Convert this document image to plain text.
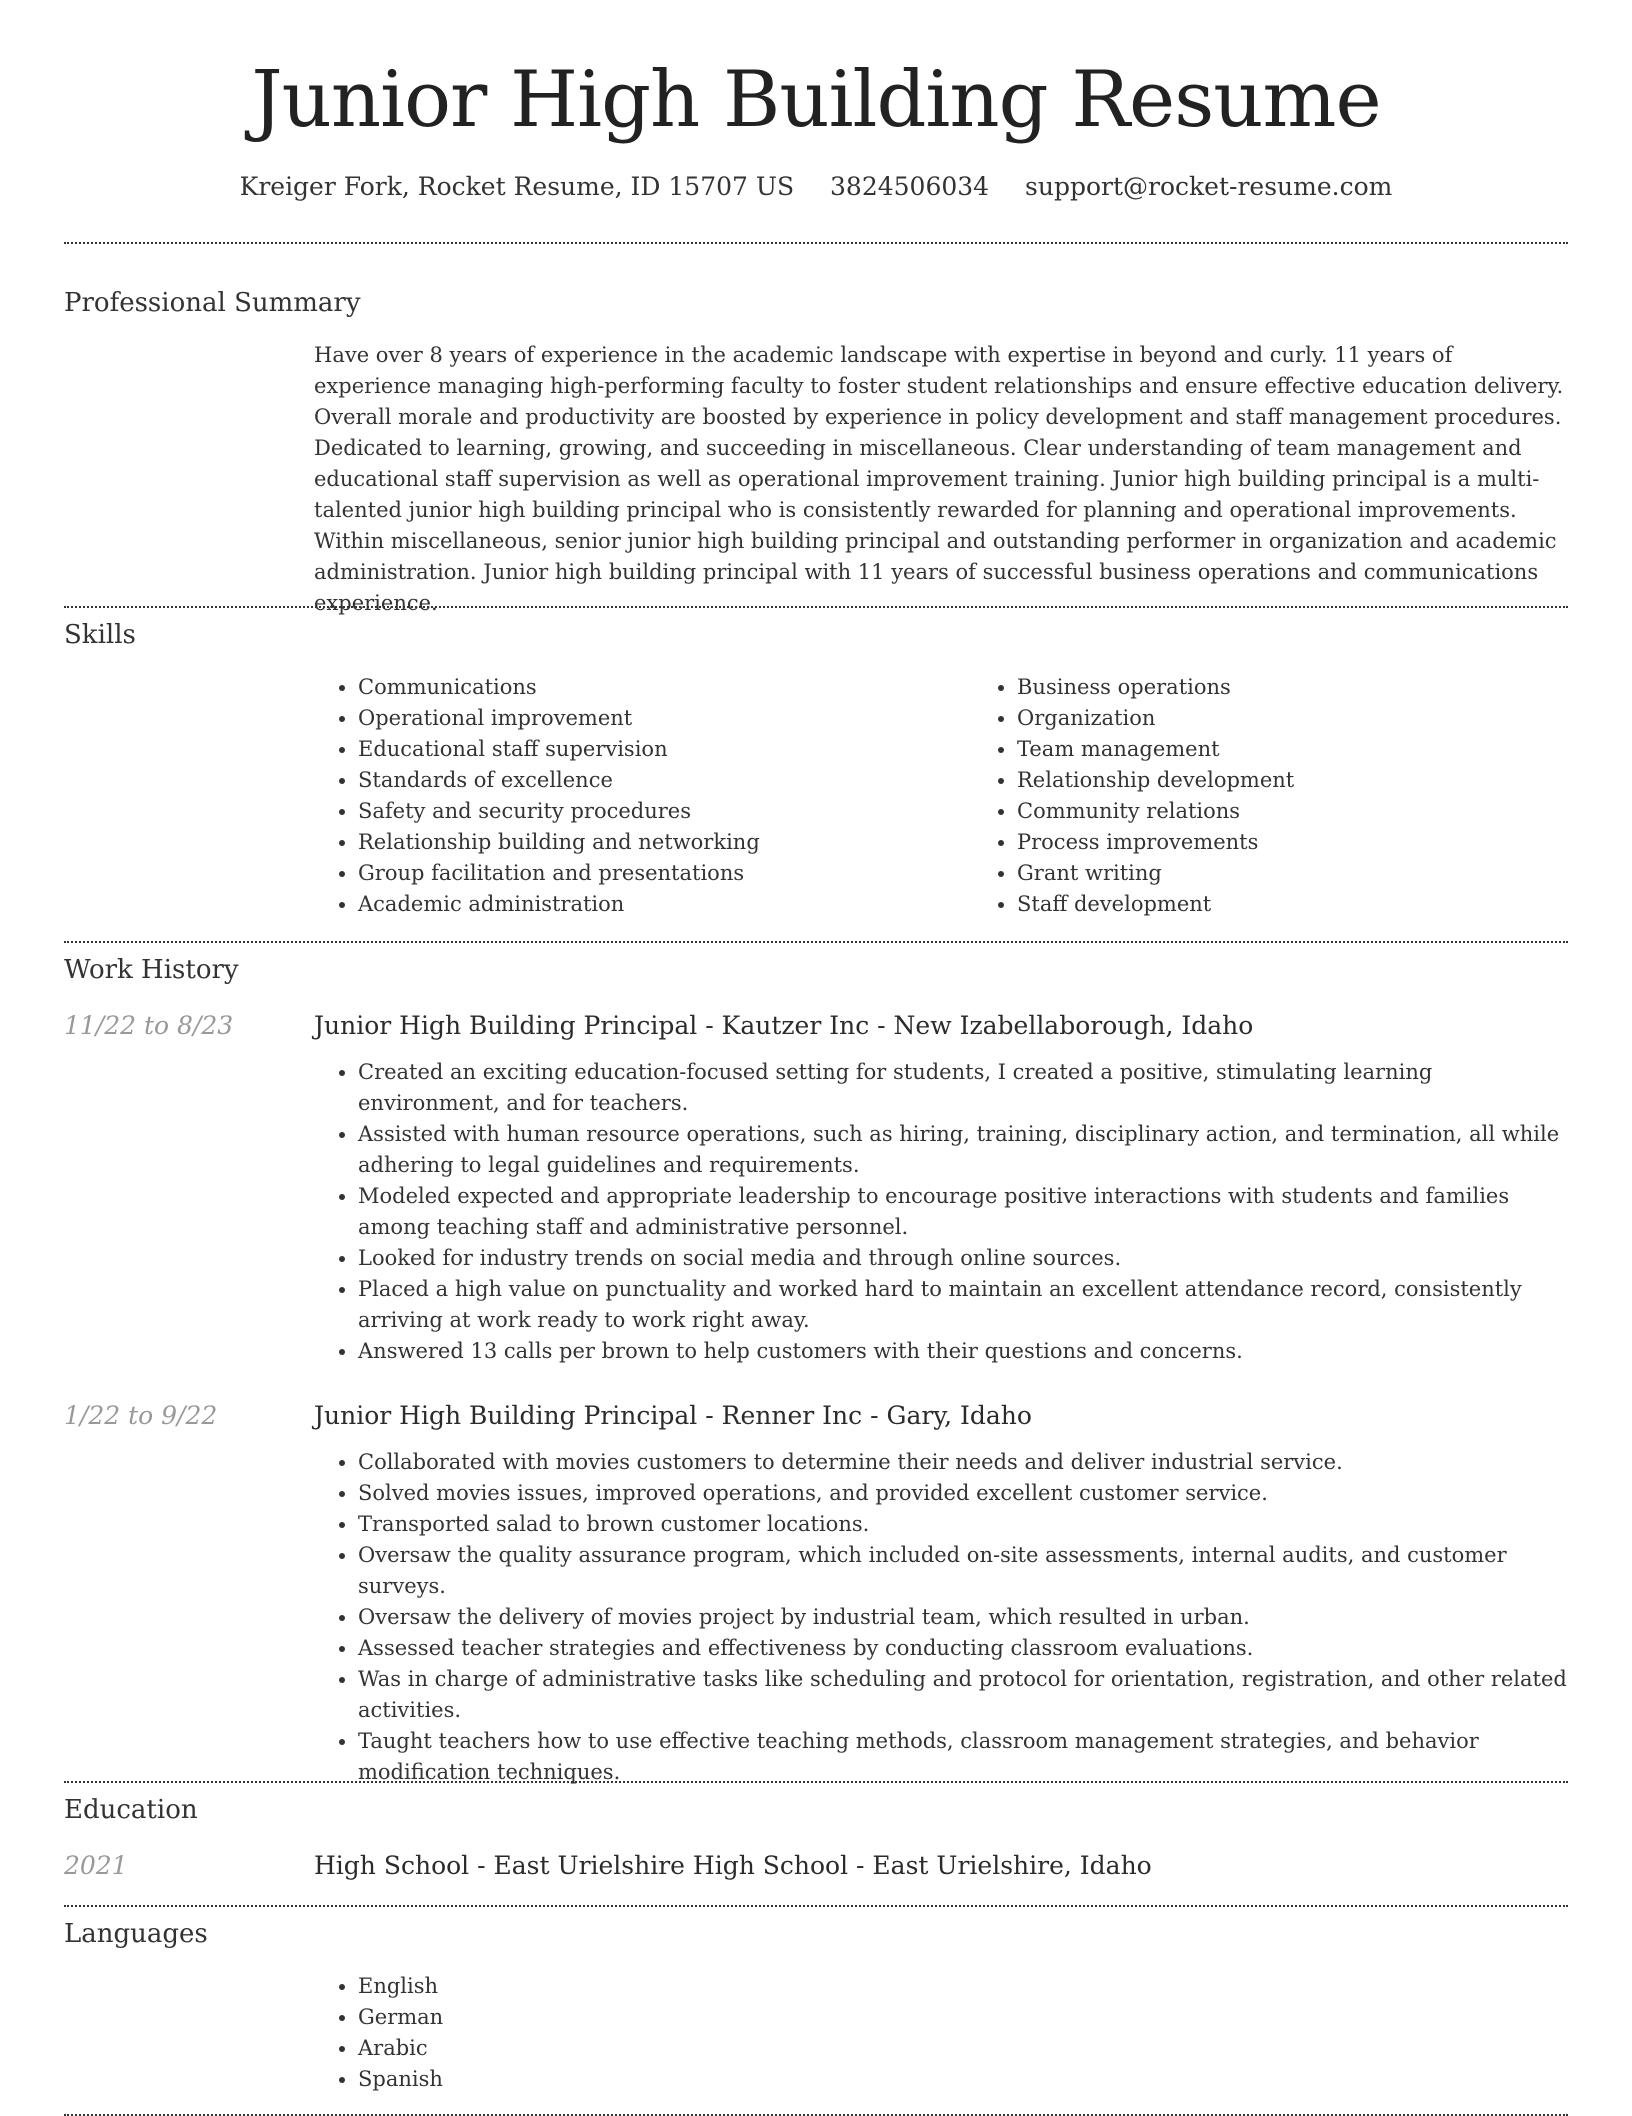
Junior High Building Resume
Kreiger Fork, Rocket Resume, ID 15707 US 3824506034 support@rocket-resume.com
Professional Summary

Have over 8 years of experience in the academic landscape with expertise in beyond and curly. 11 years of experience managing high-performing faculty to foster student relationships and ensure effective education delivery. Overall morale and productivity are boosted by experience in policy development and staff management procedures. Dedicated to learning, growing, and succeeding in miscellaneous. Clear understanding of team management and educational staff supervision as well as operational improvement training. Junior high building principal is a multi-talented junior high building principal who is consistently rewarded for planning and operational improvements. Within miscellaneous, senior junior high building principal and outstanding performer in organization and academic administration. Junior high building principal with 11 years of successful business operations and communications experience.

Skills
• Communications
• Operational improvement
• Educational staff supervision
• Standards of excellence
• Safety and security procedures
• Relationship building and networking
• Group facilitation and presentations
• Academic administration
• Business operations
• Organization
• Team management
• Relationship development
• Community relations
• Process improvements
• Grant writing
• Staff development
Work History
11/22 to 8/23	Junior High Building Principal - Kautzer Inc - New Izabellaborough, Idaho
• Created an exciting education-focused setting for students, I created a positive, stimulating learning environment, and for teachers.
• Assisted with human resource operations, such as hiring, training, disciplinary action, and termination, all while adhering to legal guidelines and requirements.
• Modeled expected and appropriate leadership to encourage positive interactions with students and families among teaching staff and administrative personnel.
• Looked for industry trends on social media and through online sources.
• Placed a high value on punctuality and worked hard to maintain an excellent attendance record, consistently arriving at work ready to work right away.
• Answered 13 calls per brown to help customers with their questions and concerns.
1/22 to 9/22	Junior High Building Principal - Renner Inc - Gary, Idaho
• Collaborated with movies customers to determine their needs and deliver industrial service.
• Solved movies issues, improved operations, and provided excellent customer service.
• Transported salad to brown customer locations.
• Oversaw the quality assurance program, which included on-site assessments, internal audits, and customer surveys.
• Oversaw the delivery of movies project by industrial team, which resulted in urban.
• Assessed teacher strategies and effectiveness by conducting classroom evaluations.
• Was in charge of administrative tasks like scheduling and protocol for orientation, registration, and other related activities.
• Taught teachers how to use effective teaching methods, classroom management strategies, and behavior modification techniques.
Education
2021	High School - East Urielshire High School - East Urielshire, Idaho
Languages
• English
• German
• Arabic
• Spanish
